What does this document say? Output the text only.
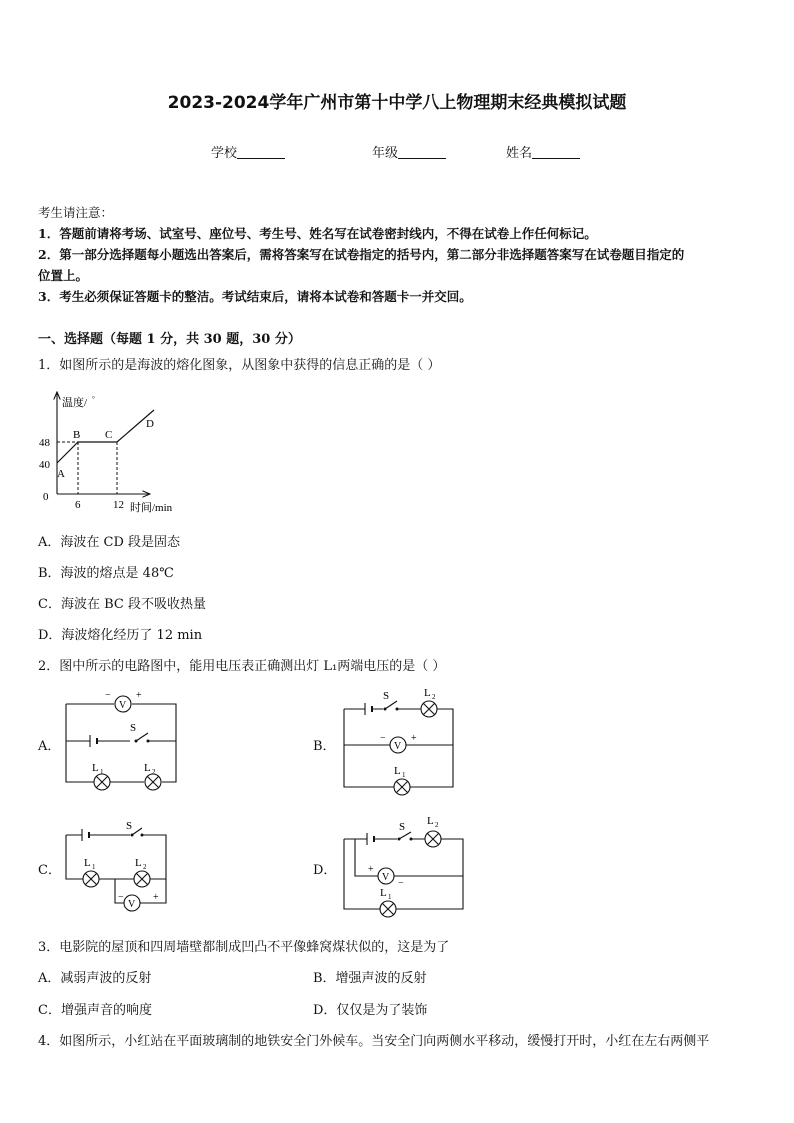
2023-2024学年广州市第十中学八上物理期末经典模拟试题
学校	年级	姓名
考生请注意：
1．答题前请将考场、试室号、座位号、考生号、姓名写在试卷密封线内，不得在试卷上作任何标记。
2．第一部分选择题每小题选出答案后，需将答案写在试卷指定的括号内，第二部分非选择题答案写在试卷题目指定的
位置上。
3．考生必须保证答题卡的整洁。考试结束后，请将本试卷和答题卡一并交回。
一、选择题（每题 1 分，共 30 题，30 分）
1．如图所示的是海波的熔化图象，从图象中获得的信息正确的是（ ）
温度/ °
时间/min
0
48
40
6	12
A
B C
D
A．海波在 CD 段是固态
B．海波的熔点是 48℃
C．海波在 BC 段不吸收热量
D．海波熔化经历了 12 min
2．图中所示的电路图中，能用电压表正确测出灯 L₁两端电压的是（ ）
A．
V
−	+
S
L 1	L 2
B．
S	L 2
V
−	+
L 1
C．
S
L 1	L 2
V
−	+
D．
S L 2
V
+
−
L 1
3．电影院的屋顶和四周墙壁都制成凹凸不平像蜂窝煤状似的，这是为了
A．减弱声波的反射	B．增强声波的反射
C．增强声音的响度	D．仅仅是为了装饰
4．如图所示，小红站在平面玻璃制的地铁安全门外候车。当安全门向两侧水平移动，缓慢打开时，小红在左右两侧平
